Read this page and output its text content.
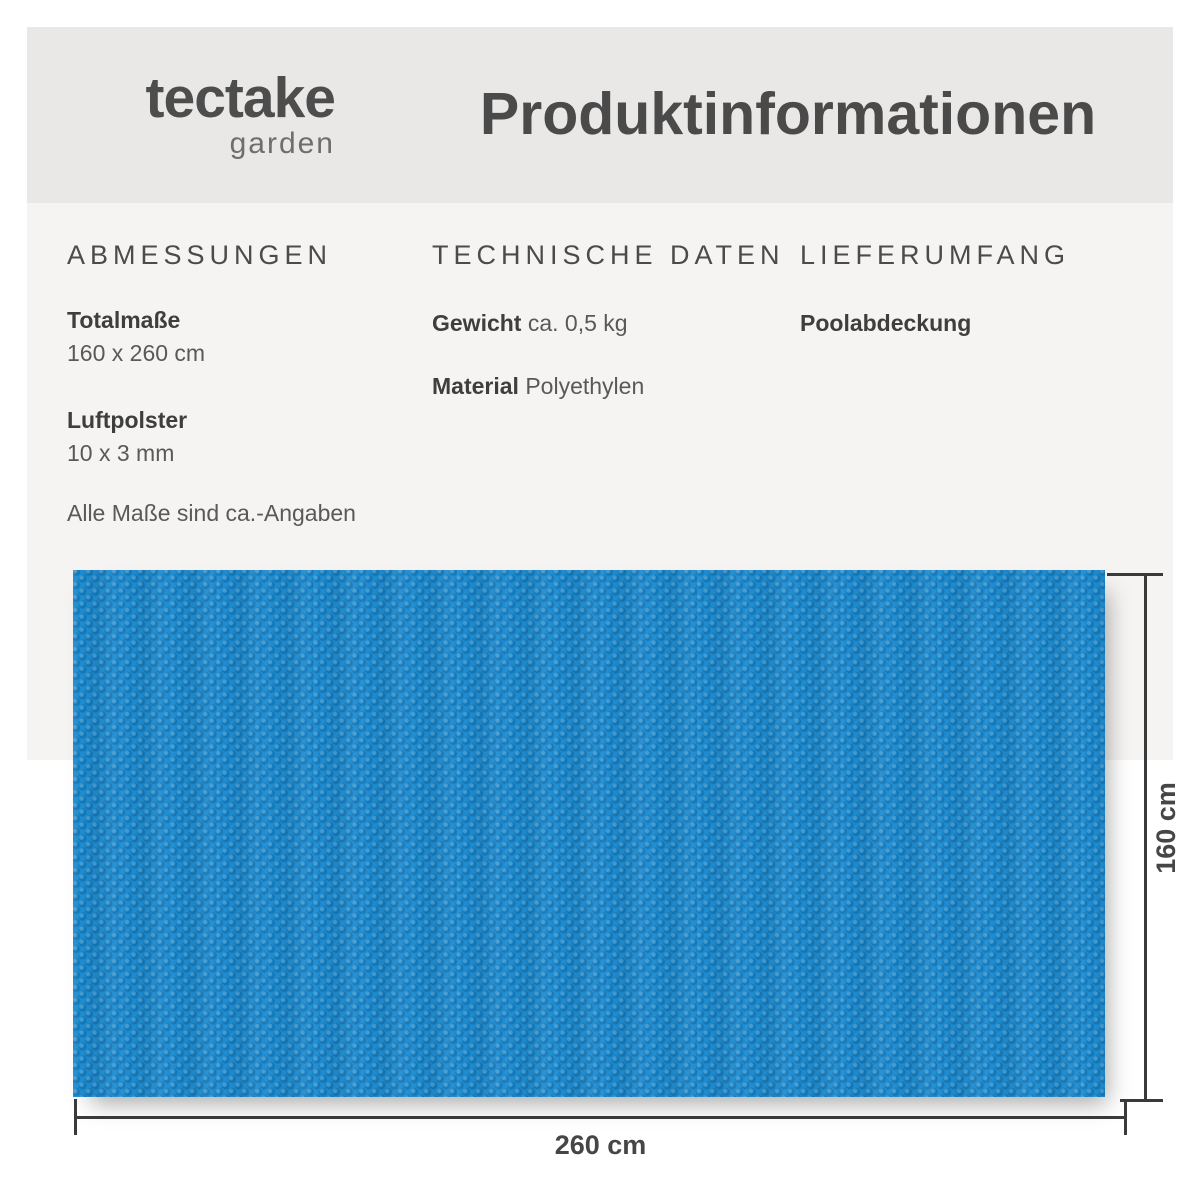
tectake
garden	Produktinformationen
ABMESSUNGEN
Totalmaße
160 x 260 cm
Luftpolster
10 x 3 mm
Alle Maße sind ca.-Angaben
TECHNISCHE DATEN
Gewicht ca. 0,5 kg
Material Polyethylen
LIEFERUMFANG
Poolabdeckung
260 cm
160 cm
